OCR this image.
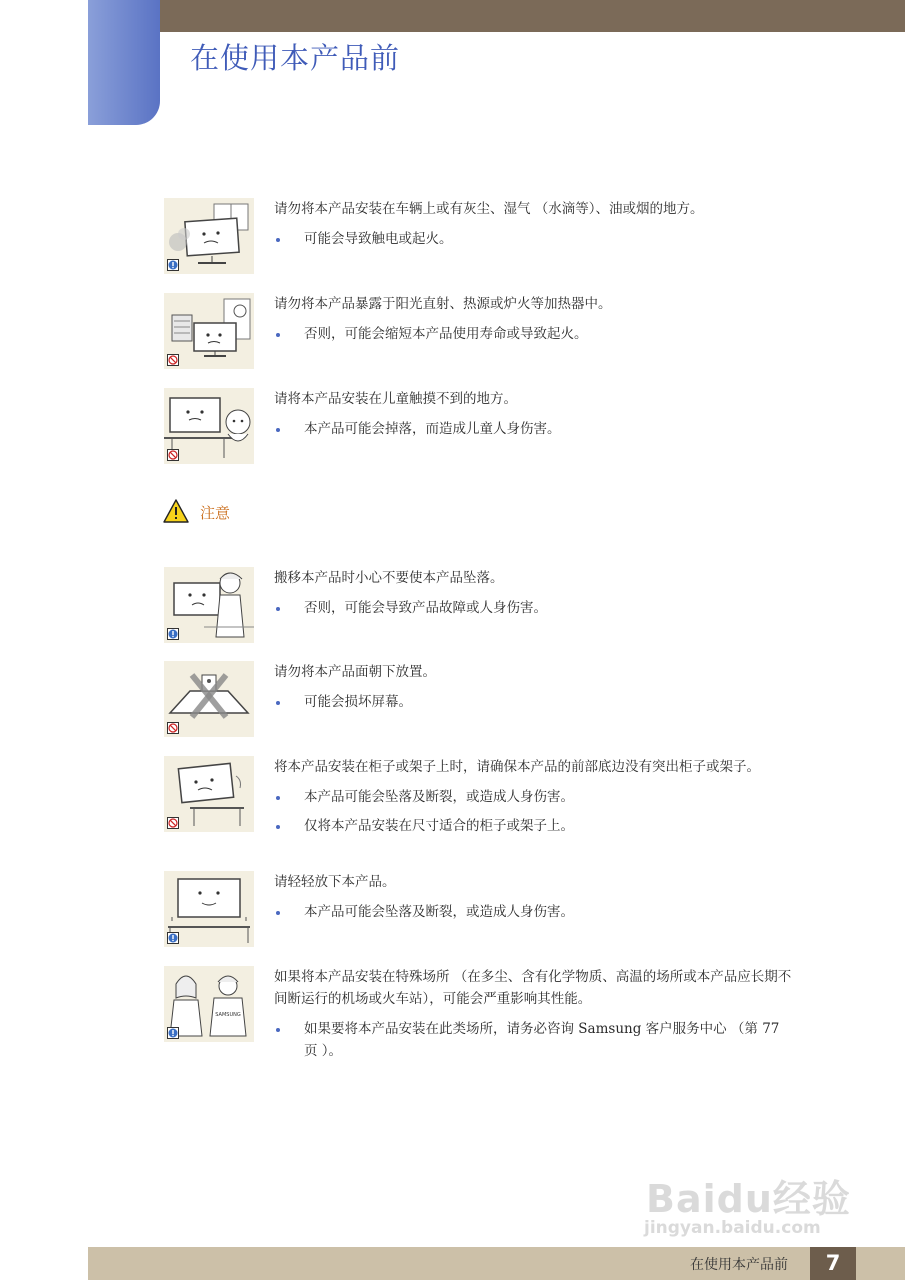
在使用本产品前

请勿将本产品安装在车辆上或有灰尘、湿气 （水滴等）、油或烟的地方。

可能会导致触电或起火。

请勿将本产品暴露于阳光直射、热源或炉火等加热器中。

否则，可能会缩短本产品使用寿命或导致起火。

请将本产品安装在儿童触摸不到的地方。

本产品可能会掉落，而造成儿童人身伤害。
注意

搬移本产品时小心不要使本产品坠落。

否则，可能会导致产品故障或人身伤害。

请勿将本产品面朝下放置。

可能会损坏屏幕。

将本产品安装在柜子或架子上时，请确保本产品的前部底边没有突出柜子或架子。

本产品可能会坠落及断裂，或造成人身伤害。
仅将本产品安装在尺寸适合的柜子或架子上。

请轻轻放下本产品。

本产品可能会坠落及断裂，或造成人身伤害。
SAMSUNG

如果将本产品安装在特殊场所 （在多尘、含有化学物质、高温的场所或本产品应长期不间断运行的机场或火车站），可能会严重影响其性能。

如果要将本产品安装在此类场所，请务必咨询 Samsung 客户服务中心 （第 77 页 ）。
Baidu经验
jingyan.baidu.com
在使用本产品前	7
